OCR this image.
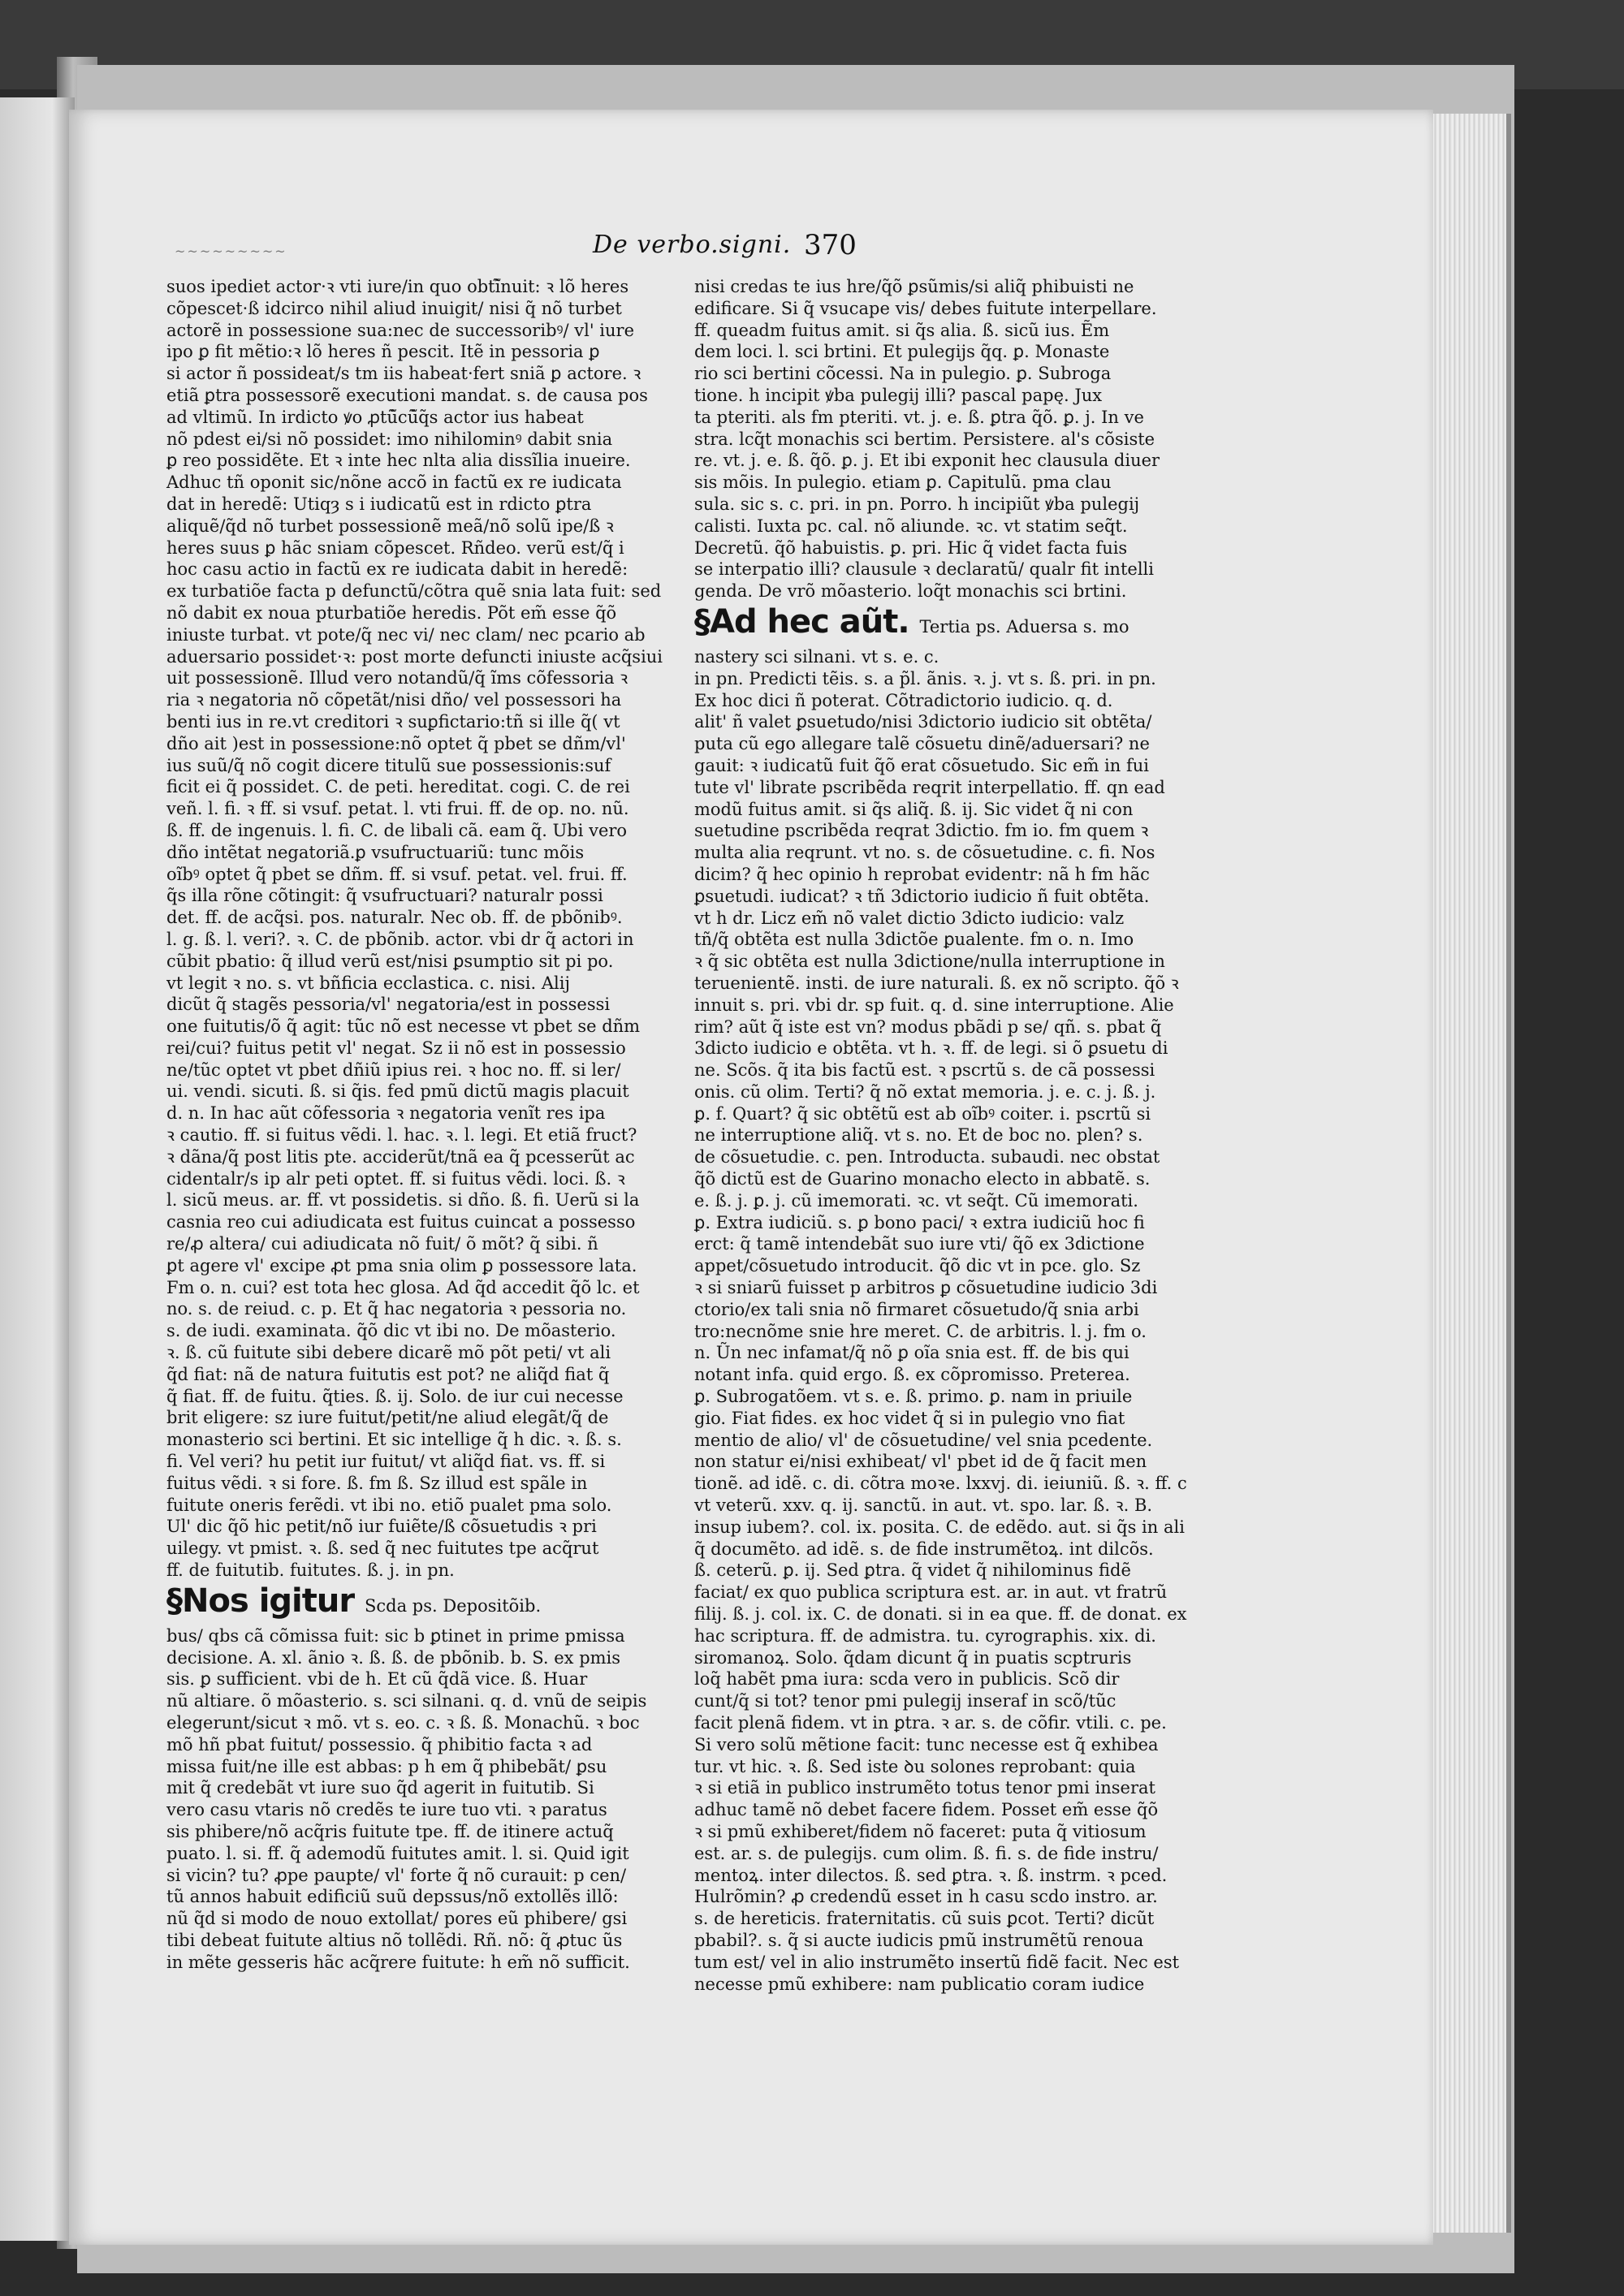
~~~~~~~~~	De verbo.signi. 370
suos ipediet actor·ꝛ vti iure/in quo obtĩ̃nuit: ꝛ lõ heres
cõpescet·ß idcirco nihil aliud inuigit/ nisi q̃ nõ turbet
actorẽ in possessione sua:nec de successoribꝰ/ vl' iure
ipo ꝑ fit mẽtio:ꝛ lõ heres ñ pescit. Itẽ in pessoria ꝑ
si actor ñ possideat/s tm iis habeat·fert sniã ꝑ actore. ꝛ
etiã ꝑtra possessorẽ executioni mandat. s. de causa pos
ad vltimũ. In irdicto ꝟo ꝓtũ̃cũ̃q̃s actor ius habeat
nõ pdest ei/si nõ possidet: imo nihilominꝰ dabit snia
ꝑ reo possidẽte. Et ꝛ inte hec nlta alia dissĩlia inueire.
Adhuc tñ oponit sic/nõne accõ in factũ ex re iudicata
dat in heredẽ: Utiqȝ s i iudicatũ est in rdicto ꝑtra
aliquẽ/q̃d nõ turbet possessionẽ meã/nõ solũ ipe/ß ꝛ
heres suus ꝑ hãc sniam cõpescet. Rñdeo. verũ est/q̃ i
hoc casu actio in factũ ex re iudicata dabit in heredẽ:
ex turbatiõe facta p defunctũ/cõtra quẽ snia lata fuit: sed
nõ dabit ex noua pturbatiõe heredis. Põt em̃ esse q̃õ
iniuste turbat. vt pote/q̃ nec vi/ nec clam/ nec pcario ab
aduersario possidet·ꝛ: post morte defuncti iniuste acq̃siui
uit possessionẽ. Illud vero notandũ/q̃ ĩms cõfessoria ꝛ
ria ꝛ negatoria nõ cõpetãt/nisi dño/ vel possessori ha
benti ius in re.vt creditori ꝛ suꝑfictario:tñ si ille q̃( vt
dño ait )est in possessione:nõ optet q̃ pbet se dñm/vl'
ius suũ/q̃ nõ cogit dicere titulũ sue possessionis:suf
ficit ei q̃ possidet. C. de peti. hereditat. cogi. C. de rei
veñ. l. fi. ꝛ ff. si vsuf. petat. l. vti frui. ff. de op. no. nũ.
ß. ff. de ingenuis. l. fi. C. de libali cã. eam q̃. Ubi vero
dño intẽtat negatoriã.ꝑ vsufructuariũ: tunc mõis
oĩbꝰ optet q̃ pbet se dñm. ff. si vsuf. petat. vel. frui. ff.
q̃s illa rõne cõtingit: q̃ vsufructuari? naturalr possi
det. ff. de acq̃si. pos. naturalr. Nec ob. ff. de pbõnibꝰ.
l. g. ß. l. veri?. ꝛ. C. de pbõnib. actor. vbi dr q̃ actori in
cũbit pbatio: q̃ illud verũ est/nisi ꝑsumptio sit pi po.
vt legit ꝛ no. s. vt bñficia ecclastica. c. nisi. Alij
dicũt q̃ stagẽs pessoria/vl' negatoria/est in possessi
one fuitutis/õ q̃ agit: tũc nõ est necesse vt pbet se dñm
rei/cui? fuitus petit vl' negat. Sz ii nõ est in possessio
ne/tũc optet vt pbet dñiũ ipius rei. ꝛ hoc no. ff. si ler/
ui. vendi. sicuti. ß. si q̃is. fed pmũ dictũ magis placuit
d. n. In hac aũt cõfessoria ꝛ negatoria venĩt res ipa
ꝛ cautio. ff. si fuitus vẽdi. l. hac. ꝛ. l. legi. Et etiã fruct?
ꝛ dãna/q̃ post litis pte. acciderũt/tnã ea q̃ pcesserũt ac
cidentalr/s ip alr peti optet. ff. si fuitus vẽdi. loci. ß. ꝛ
l. sicũ meus. ar. ff. vt possidetis. si dño. ß. fi. Uerũ si la
casnia reo cui adiudicata est fuitus cuincat a possesso
re/ꝓ altera/ cui adiudicata nõ fuit/ õ mõt? q̃ sibi. ñ
ꝑt agere vl' excipe ꝓt pma snia olim ꝑ possessore lata.
Fm o. n. cui? est tota hec glosa. Ad q̃d accedit q̃õ lc. et
no. s. de reiud. c. p. Et q̃ hac negatoria ꝛ pessoria no.
s. de iudi. examinata. q̃õ dic vt ibi no. De mõasterio.
ꝛ. ß. cũ fuitute sibi debere dicarẽ mõ põt peti/ vt ali
q̃d fiat: nã de natura fuitutis est pot? ne aliq̃d fiat q̃
q̃ fiat. ff. de fuitu. q̃ties. ß. ij. Solo. de iur cui necesse
brit eligere: sz iure fuitut/petit/ne aliud elegãt/q̃ de
monasterio sci bertini. Et sic intellige q̃ h dic. ꝛ. ß. s.
fi. Vel veri? hu petit iur fuitut/ vt aliq̃d fiat. vs. ff. si
fuitus vẽdi. ꝛ si fore. ß. fm ß. Sz illud est spãle in
fuitute oneris ferẽdi. vt ibi no. etiõ pualet pma solo.
Ul' dic q̃õ hic petit/nõ iur fuiẽte/ß cõsuetudis ꝛ pri
uilegy. vt pmist. ꝛ. ß. sed q̃ nec fuitutes tpe acq̃rut
ff. de fuitutib. fuitutes. ß. j. in pn.
§Nos igitur Scda ps. Depositõib.
bus/ qbs cã cõmissa fuit: sic b ꝑtinet in prime pmissa
decisione. A. xl. ãnio ꝛ. ß. ß. de pbõnib. b. S. ex pmis
sis. ꝑ sufficient. vbi de h. Et cũ q̃dã vice. ß. Huar
nũ altiare. õ mõasterio. s. sci silnani. q. d. vnũ de seipis
elegerunt/sicut ꝛ mõ. vt s. eo. c. ꝛ ß. ß. Monachũ. ꝛ boc
mõ hñ pbat fuitut/ possessio. q̃ phibitio facta ꝛ ad
missa fuit/ne ille est abbas: p h em q̃ phibebãt/ ꝑsu
mit q̃ credebãt vt iure suo q̃d agerit in fuitutib. Si
vero casu vtaris nõ credẽs te iure tuo vti. ꝛ paratus
sis phibere/nõ acq̃ris fuitute tpe. ff. de itinere actuq̃
puato. l. si. ff. q̃ ademodũ fuitutes amit. l. si. Quid igit
si vicin? tu? ꝓpe paupte/ vl' forte q̃ nõ curauit: p cen/
tũ annos habuit edificiũ suũ depssus/nõ extollẽs illõ:
nũ q̃d si modo de nouo extollat/ pores eũ phibere/ gsi
tibi debeat fuitute altius nõ tollẽdi. Rñ. nõ: q̃ ꝓtuc ũs
in mẽte gesseris hãc acq̃rere fuitute: h em̃ nõ sufficit.
nisi credas te ius hre/q̃õ ꝑsũmis/si aliq̃ phibuisti ne
edificare. Si q̃ vsucape vis/ debes fuitute interpellare.
ff. queadm fuitus amit. si q̃s alia. ß. sicũ ius. Ẽm
dem loci. l. sci brtini. Et pulegijs q̃q. ꝑ. Monaste
rio sci bertini cõcessi. Na in pulegio. ꝑ. Subroga
tione. h incipit ꝟba pulegij illi? pascal papę. Jux
ta pteriti. als fm pteriti. vt. j. e. ß. ꝑtra q̃õ. ꝑ. j. In ve
stra. lcq̃t monachis sci bertim. Persistere. al's cõsiste
re. vt. j. e. ß. q̃õ. ꝑ. j. Et ibi exponit hec clausula diuer
sis mõis. In pulegio. etiam ꝑ. Capitulũ. pma clau
sula. sic s. c. pri. in pn. Porro. h incipiũt ꝟba pulegij
calisti. Iuxta pc. cal. nõ aliunde. ꝛc. vt statim seq̃t.
Decretũ. q̃õ habuistis. ꝑ. pri. Hic q̃ videt facta fuis
se interpatio illi? clausule ꝛ declaratũ/ qualr fit intelli
genda. De vrõ mõasterio. loq̃t monachis sci brtini.
§Ad hec aũt. Tertia ps. Aduersa s. mo
nastery sci silnani. vt s. e. c.
in pn. Predicti tẽis. s. a p̃l. ãnis. ꝛ. j. vt s. ß. pri. in pn.
Ex hoc dici ñ poterat. Cõtradictorio iudicio. q. d.
alit' ñ valet ꝑsuetudo/nisi 3dictorio iudicio sit obtẽta/
puta cũ ego allegare talẽ cõsuetu dinẽ/aduersari? ne
gauit: ꝛ iudicatũ fuit q̃õ erat cõsuetudo. Sic em̃ in fui
tute vl' librate pscribẽda reqrit interpellatio. ff. qn ead
modũ fuitus amit. si q̃s aliq̃. ß. ij. Sic videt q̃ ni con
suetudine pscribẽda reqrat 3dictio. fm io. fm quem ꝛ
multa alia reqrunt. vt no. s. de cõsuetudine. c. fi. Nos
dicim? q̃ hec opinio h reprobat evidentr: nã h fm hãc
ꝑsuetudi. iudicat? ꝛ tñ 3dictorio iudicio ñ fuit obtẽta.
vt h dr. Licz em̃ nõ valet dictio 3dicto iudicio: valz
tñ/q̃ obtẽta est nulla 3dictõe ꝑualente. fm o. n. Imo
ꝛ q̃ sic obtẽta est nulla 3dictione/nulla interruptione in
teruenientẽ. insti. de iure naturali. ß. ex nõ scripto. q̃õ ꝛ
innuit s. pri. vbi dr. sp fuit. q. d. sine interruptione. Alie
rim? aũt q̃ iste est vn? modus pbãdi p se/ qñ. s. pbat q̃
3dicto iudicio e obtẽta. vt h. ꝛ. ff. de legi. si õ ꝑsuetu di
ne. Scõs. q̃ ita bis factũ est. ꝛ pscrtũ s. de cã possessi
onis. cũ olim. Terti? q̃ nõ extat memoria. j. e. c. j. ß. j.
ꝑ. f. Quart? q̃ sic obtẽtũ est ab oĩbꝰ coiter. i. pscrtũ si
ne interruptione aliq̃. vt s. no. Et de boc no. plen? s.
de cõsuetudie. c. pen. Introducta. subaudi. nec obstat
q̃õ dictũ est de Guarino monacho electo in abbatẽ. s.
e. ß. j. ꝑ. j. cũ imemorati. ꝛc. vt seq̃t. Cũ imemorati.
ꝑ. Extra iudiciũ. s. ꝑ bono paci/ ꝛ extra iudiciũ hoc fi
erct: q̃ tamẽ intendebãt suo iure vti/ q̃õ ex 3dictione
appet/cõsuetudo introducit. q̃õ dic vt in pce. glo. Sz
ꝛ si sniarũ fuisset p arbitros ꝑ cõsuetudine iudicio 3di
ctorio/ex tali snia nõ firmaret cõsuetudo/q̃ snia arbi
tro:necnõme snie hre meret. C. de arbitris. l. j. fm o.
n. Ũn nec infamat/q̃ nõ ꝑ oĩa snia est. ff. de bis qui
notant infa. quid ergo. ß. ex cõpromisso. Preterea.
ꝑ. Subrogatõem. vt s. e. ß. primo. ꝑ. nam in priuile
gio. Fiat fides. ex hoc videt q̃ si in pulegio vno fiat
mentio de alio/ vl' de cõsuetudine/ vel snia pcedente.
non statur ei/nisi exhibeat/ vl' pbet id de q̃ facit men
tionẽ. ad idẽ. c. di. cõtra moꝛe. lxxvj. di. ieiuniũ. ß. ꝛ. ff. c
vt veterũ. xxv. q. ij. sanctũ. in aut. vt. spo. lar. ß. ꝛ. B.
insup iubem?. col. ix. posita. C. de edẽdo. aut. si q̃s in ali
q̃ documẽto. ad idẽ. s. de fide instrumẽtoꝝ. int dilcõs.
ß. ceterũ. ꝑ. ij. Sed ꝑtra. q̃ videt q̃ nihilominus fidẽ
faciat/ ex quo publica scriptura est. ar. in aut. vt fratrũ
filij. ß. j. col. ix. C. de donati. si in ea que. ff. de donat. ex
hac scriptura. ff. de admistra. tu. cyrographis. xix. di.
siromanoꝝ. Solo. q̃dam dicunt q̃ in puatis scptruris
loq̃ habẽt pma iura: scda vero in publicis. Scõ dir
cunt/q̃ si tot? tenor pmi pulegij inseraf in scõ/tũc
facit plenã fidem. vt in ꝑtra. ꝛ ar. s. de cõfir. vtili. c. pe.
Si vero solũ mẽtione facit: tunc necesse est q̃ exhibea
tur. vt hic. ꝛ. ß. Sed iste ꝺu solones reprobant: quia
ꝛ si etiã in publico instrumẽto totus tenor pmi inserat
adhuc tamẽ nõ debet facere fidem. Posset em̃ esse q̃õ
ꝛ si pmũ exhiberet/fidem nõ faceret: puta q̃ vitiosum
est. ar. s. de pulegijs. cum olim. ß. fi. s. de fide instru/
mentoꝝ. inter dilectos. ß. sed ꝑtra. ꝛ. ß. instrm. ꝛ pced.
Hulrõmin? ꝓ credendũ esset in h casu scdo instro. ar.
s. de hereticis. fraternitatis. cũ suis ꝑcot. Terti? dicũt
pbabil?. s. q̃ si aucte iudicis pmũ instrumẽtũ renoua
tum est/ vel in alio instrumẽto insertũ fidẽ facit. Nec est
necesse pmũ exhibere: nam publicatio coram iudice
